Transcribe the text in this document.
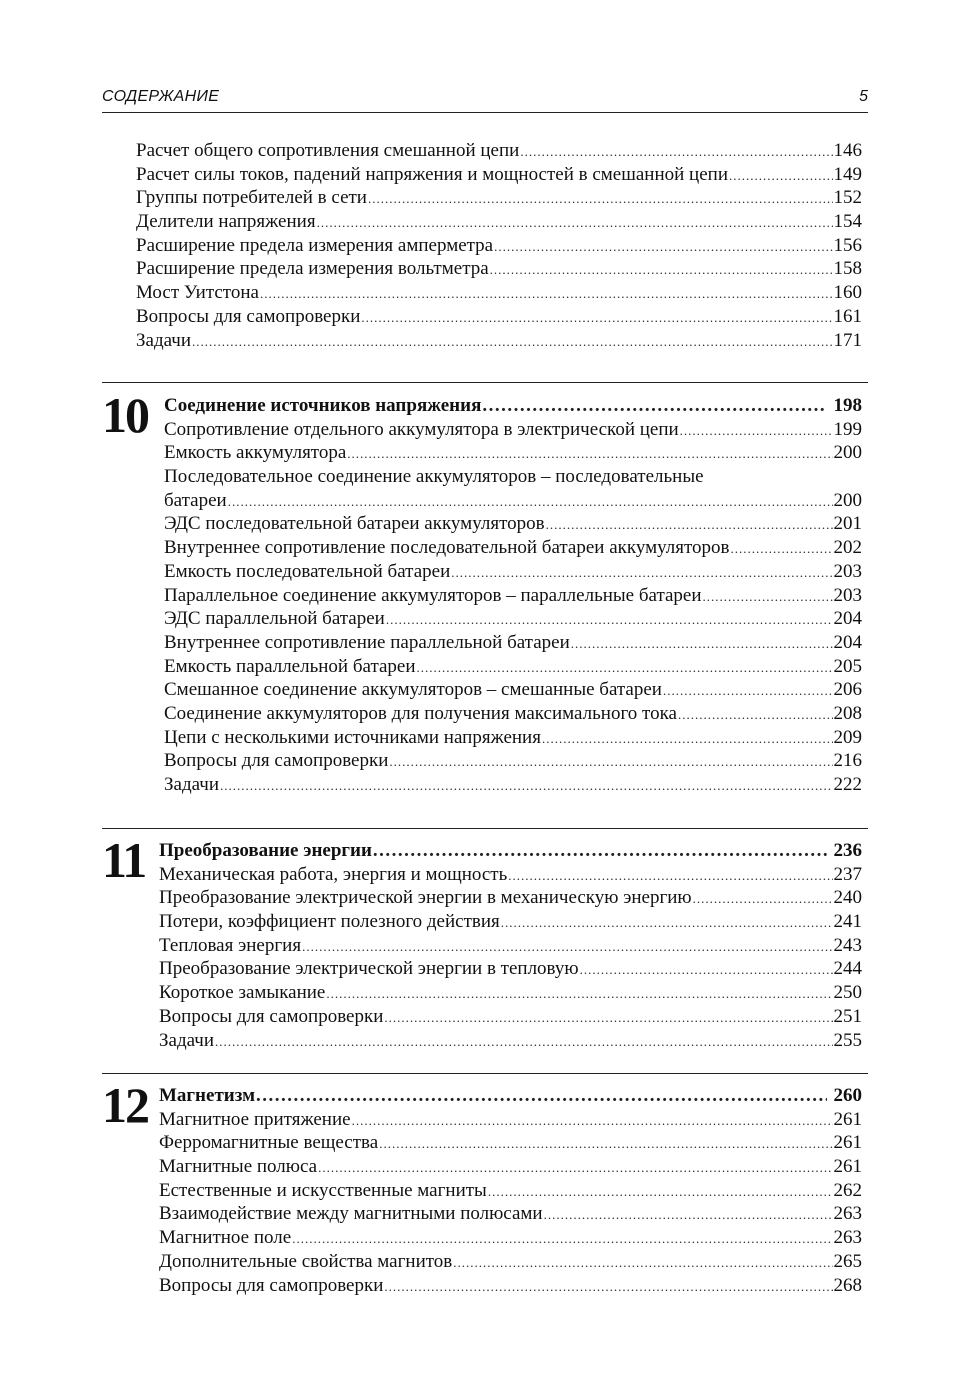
СОДЕРЖАНИЕ	5
Расчет общего сопротивления смешанной цепи .....	146
Расчет силы токов, падений напряжения и мощностей в смешанной цепи .....	149
Группы потребителей в сети .....	152
Делители напряжения .....	154
Расширение предела измерения амперметра .....	156
Расширение предела измерения вольтметра .....	158
Мост Уитстона .....	160
Вопросы для самопроверки .....	161
Задачи .....	171
10 Соединение источников напряжения .....	198
Сопротивление отдельного аккумулятора в электрической цепи .....	199
Емкость аккумулятора .....	200
Последовательное соединение аккумуляторов – последовательные
батареи .....	200
ЭДС последовательной батареи аккумуляторов .....	201
Внутреннее сопротивление последовательной батареи аккумуляторов .....	202
Емкость последовательной батареи .....	203
Параллельное соединение аккумуляторов – параллельные батареи .....	203
ЭДС параллельной батареи .....	204
Внутреннее сопротивление параллельной батареи .....	204
Емкость параллельной батареи .....	205
Смешанное соединение аккумуляторов – смешанные батареи .....	206
Соединение аккумуляторов для получения максимального тока .....	208
Цепи с несколькими источниками напряжения .....	209
Вопросы для самопроверки .....	216
Задачи .....	222
11 Преобразование энергии .....	236
Механическая работа, энергия и мощность .....	237
Преобразование электрической энергии в механическую энергию .....	240
Потери, коэффициент полезного действия .....	241
Тепловая энергия .....	243
Преобразование электрической энергии в тепловую .....	244
Короткое замыкание .....	250
Вопросы для самопроверки .....	251
Задачи .....	255
12 Магнетизм .....	260
Магнитное притяжение .....	261
Ферромагнитные вещества .....	261
Магнитные полюса .....	261
Естественные и искусственные магниты .....	262
Взаимодействие между магнитными полюсами .....	263
Магнитное поле .....	263
Дополнительные свойства магнитов .....	265
Вопросы для самопроверки .....	268
